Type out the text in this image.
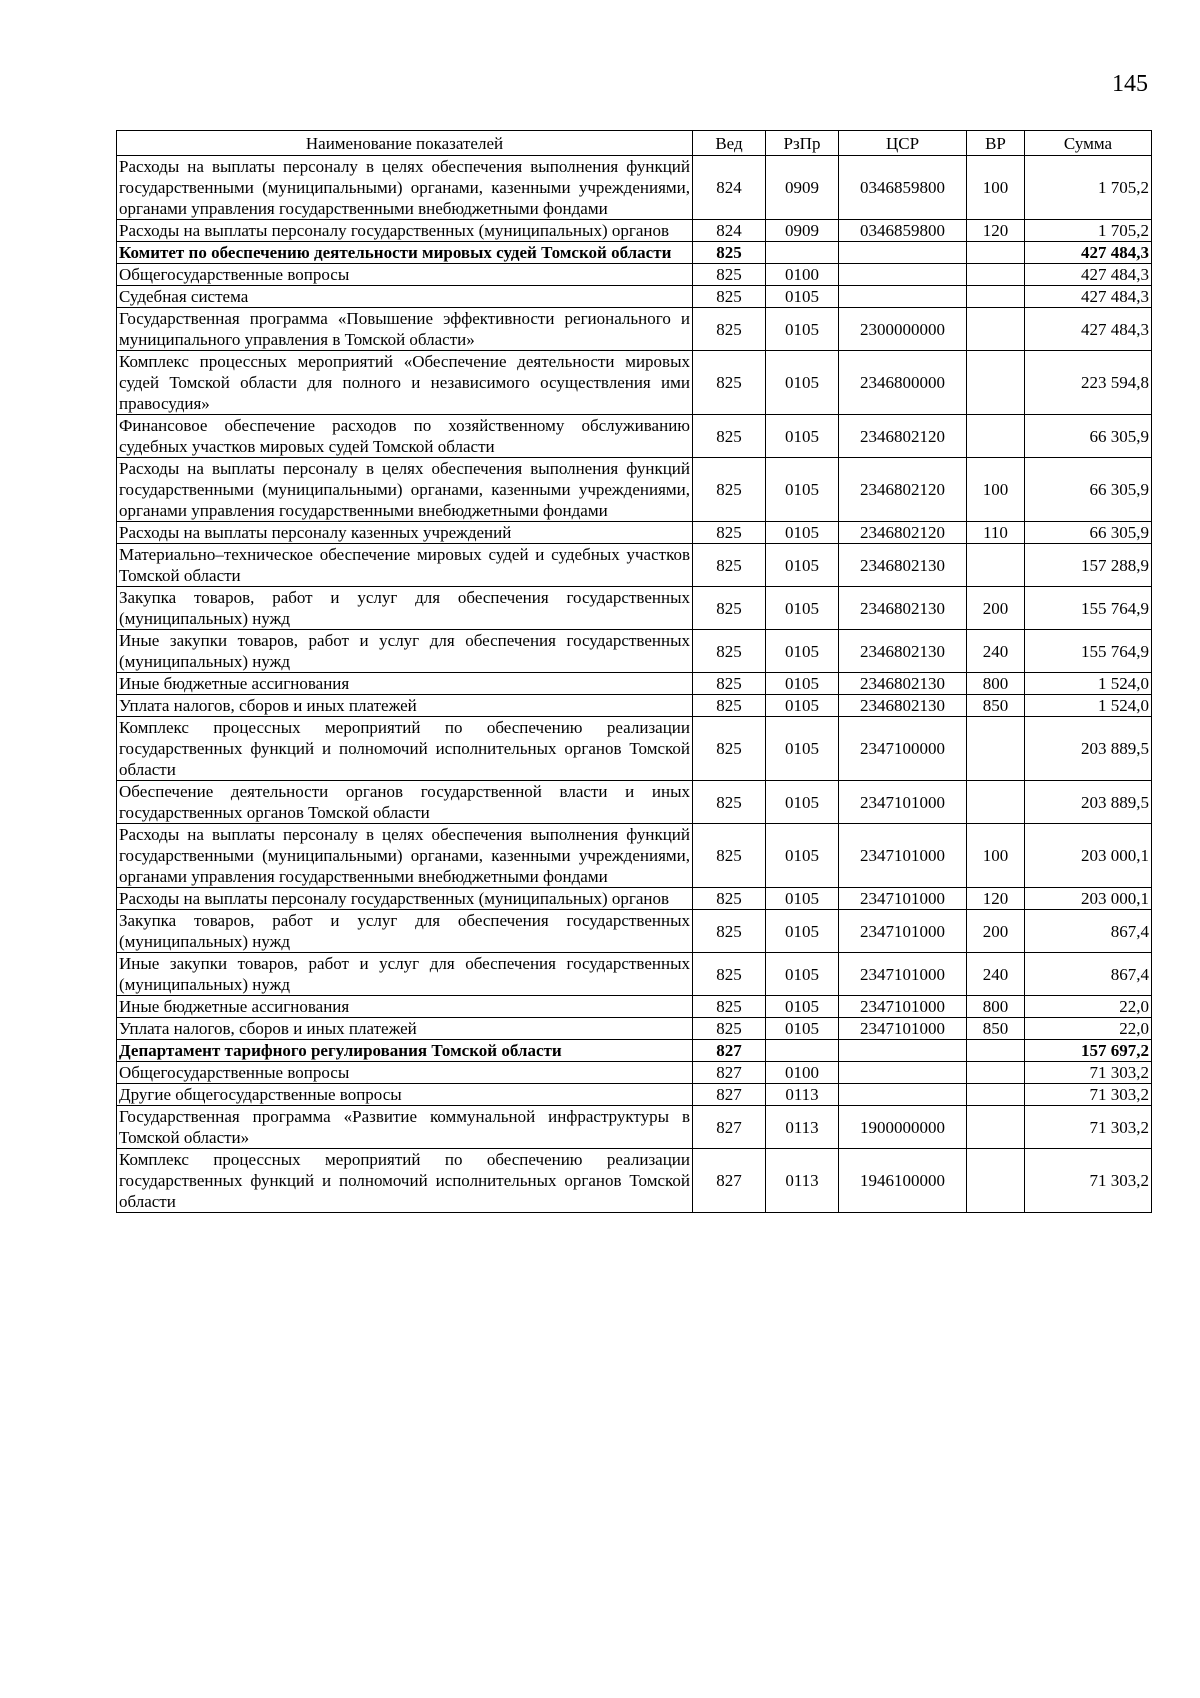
145
Наименование показателей	Вед	РзПр	ЦСР	ВР	Сумма
Расходы на выплаты персоналу в целях обеспечения выполнения функций государственными (муниципальными) органами, казенными учреждениями, органами управления государственными внебюджетными фондами	824	0909	0346859800	100	1 705,2
Расходы на выплаты персоналу государственных (муниципальных) органов	824	0909	0346859800	120	1 705,2
Комитет по обеспечению деятельности мировых судей Томской области	825				427 484,3
Общегосударственные вопросы	825	0100			427 484,3
Судебная система	825	0105			427 484,3
Государственная программа «Повышение эффективности регионального и муниципального управления в Томской области»	825	0105	2300000000		427 484,3
Комплекс процессных мероприятий «Обеспечение деятельности мировых судей Томской области для полного и независимого осуществления ими правосудия»	825	0105	2346800000		223 594,8
Финансовое обеспечение расходов по хозяйственному обслуживанию судебных участков мировых судей Томской области	825	0105	2346802120		66 305,9
Расходы на выплаты персоналу в целях обеспечения выполнения функций государственными (муниципальными) органами, казенными учреждениями, органами управления государственными внебюджетными фондами	825	0105	2346802120	100	66 305,9
Расходы на выплаты персоналу казенных учреждений	825	0105	2346802120	110	66 305,9
Материально–техническое обеспечение мировых судей и судебных участков Томской области	825	0105	2346802130		157 288,9
Закупка товаров, работ и услуг для обеспечения государственных (муниципальных) нужд	825	0105	2346802130	200	155 764,9
Иные закупки товаров, работ и услуг для обеспечения государственных (муниципальных) нужд	825	0105	2346802130	240	155 764,9
Иные бюджетные ассигнования	825	0105	2346802130	800	1 524,0
Уплата налогов, сборов и иных платежей	825	0105	2346802130	850	1 524,0
Комплекс процессных мероприятий по обеспечению реализации государственных функций и полномочий исполнительных органов Томской области	825	0105	2347100000		203 889,5
Обеспечение деятельности органов государственной власти и иных государственных органов Томской области	825	0105	2347101000		203 889,5
Расходы на выплаты персоналу в целях обеспечения выполнения функций государственными (муниципальными) органами, казенными учреждениями, органами управления государственными внебюджетными фондами	825	0105	2347101000	100	203 000,1
Расходы на выплаты персоналу государственных (муниципальных) органов	825	0105	2347101000	120	203 000,1
Закупка товаров, работ и услуг для обеспечения государственных (муниципальных) нужд	825	0105	2347101000	200	867,4
Иные закупки товаров, работ и услуг для обеспечения государственных (муниципальных) нужд	825	0105	2347101000	240	867,4
Иные бюджетные ассигнования	825	0105	2347101000	800	22,0
Уплата налогов, сборов и иных платежей	825	0105	2347101000	850	22,0
Департамент тарифного регулирования Томской области	827				157 697,2
Общегосударственные вопросы	827	0100			71 303,2
Другие общегосударственные вопросы	827	0113			71 303,2
Государственная программа «Развитие коммунальной инфраструктуры в Томской области»	827	0113	1900000000		71 303,2
Комплекс процессных мероприятий по обеспечению реализации государственных функций и полномочий исполнительных органов Томской области	827	0113	1946100000		71 303,2
